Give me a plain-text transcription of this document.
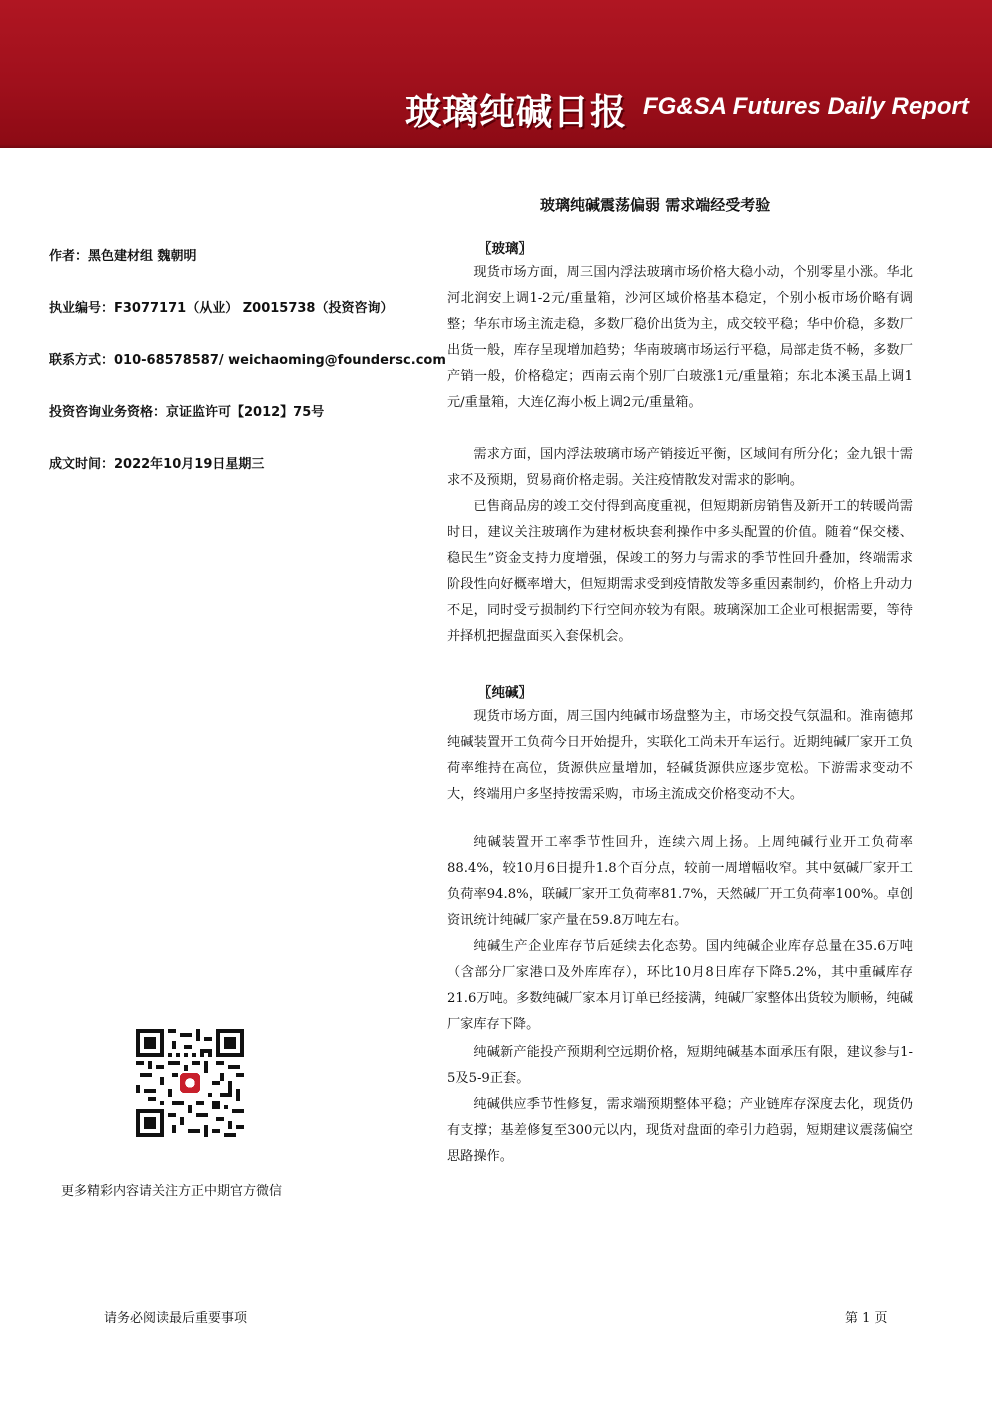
玻璃纯碱日报 FG&SA Futures Daily Report
玻璃纯碱震荡偏弱 需求端经受考验
作者：黑色建材组 魏朝明
执业编号：F3077171（从业） Z0015738（投资咨询）
联系方式：010-68578587/ weichaoming@foundersc.com
投资咨询业务资格：京证监许可【2012】75号
成文时间：2022年10月19日星期三
〖玻璃〗

现货市场方面，周三国内浮法玻璃市场价格大稳小动，个别零星小涨。华北河北润安上调1-2元/重量箱，沙河区域价格基本稳定，个别小板市场价略有调整；华东市场主流走稳，多数厂稳价出货为主，成交较平稳；华中价稳，多数厂出货一般，库存呈现增加趋势；华南玻璃市场运行平稳，局部走货不畅，多数厂产销一般，价格稳定；西南云南个别厂白玻涨1元/重量箱；东北本溪玉晶上调1元/重量箱，大连亿海小板上调2元/重量箱。

需求方面，国内浮法玻璃市场产销接近平衡，区域间有所分化；金九银十需求不及预期，贸易商价格走弱。关注疫情散发对需求的影响。

已售商品房的竣工交付得到高度重视，但短期新房销售及新开工的转暖尚需时日，建议关注玻璃作为建材板块套利操作中多头配置的价值。随着“保交楼、稳民生”资金支持力度增强，保竣工的努力与需求的季节性回升叠加，终端需求阶段性向好概率增大，但短期需求受到疫情散发等多重因素制约，价格上升动力不足，同时受亏损制约下行空间亦较为有限。玻璃深加工企业可根据需要，等待并择机把握盘面买入套保机会。

〖纯碱〗

现货市场方面，周三国内纯碱市场盘整为主，市场交投气氛温和。淮南德邦纯碱装置开工负荷今日开始提升，实联化工尚未开车运行。近期纯碱厂家开工负荷率维持在高位，货源供应量增加，轻碱货源供应逐步宽松。下游需求变动不大，终端用户多坚持按需采购，市场主流成交价格变动不大。

纯碱装置开工率季节性回升，连续六周上扬。上周纯碱行业开工负荷率88.4%，较10月6日提升1.8个百分点，较前一周增幅收窄。其中氨碱厂家开工负荷率94.8%，联碱厂家开工负荷率81.7%，天然碱厂开工负荷率100%。卓创资讯统计纯碱厂家产量在59.8万吨左右。

纯碱生产企业库存节后延续去化态势。国内纯碱企业库存总量在35.6万吨（含部分厂家港口及外库库存），环比10月8日库存下降5.2%，其中重碱库存21.6万吨。多数纯碱厂家本月订单已经接满，纯碱厂家整体出货较为顺畅，纯碱厂家库存下降。

纯碱新产能投产预期利空远期价格，短期纯碱基本面承压有限，建议参与1-5及5-9正套。

纯碱供应季节性修复，需求端预期整体平稳；产业链库存深度去化，现货仍有支撑；基差修复至300元以内，现货对盘面的牵引力趋弱，短期建议震荡偏空思路操作。

更多精彩内容请关注方正中期官方微信
请务必阅读最后重要事项	第 1 页
